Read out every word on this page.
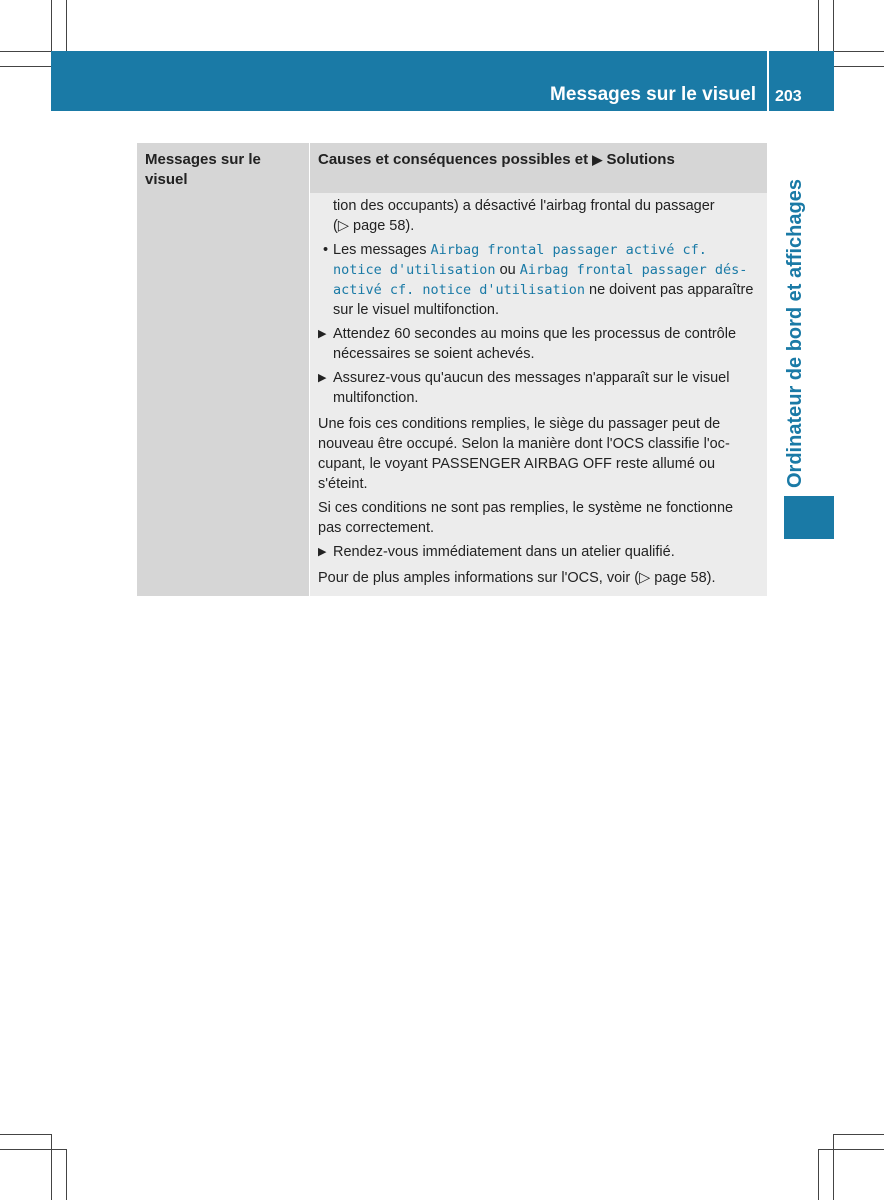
Messages sur le visuel 203
Ordinateur de bord et affichages
Messages sur le visuel
Causes et conséquences possibles et ▶ Solutions
tion des occupants) a désactivé l'airbag frontal du passager
(▷ page 58).
• Les messages Airbag frontal passager activé cf. notice d'utilisation ou Airbag frontal passager désactivé cf. notice d'utilisation ne doivent pas apparaître sur le visuel multifonction.
▶ Attendez 60 secondes au moins que les processus de contrôle nécessaires se soient achevés.
▶ Assurez-vous qu'aucun des messages n'apparaît sur le visuel multifonction.
Une fois ces conditions remplies, le siège du passager peut de nouveau être occupé. Selon la manière dont l'OCS classifie l'occupant, le voyant PASSENGER AIRBAG OFF reste allumé ou s'éteint.
Si ces conditions ne sont pas remplies, le système ne fonctionne pas correctement.
▶ Rendez-vous immédiatement dans un atelier qualifié.
Pour de plus amples informations sur l'OCS, voir (▷ page 58).
